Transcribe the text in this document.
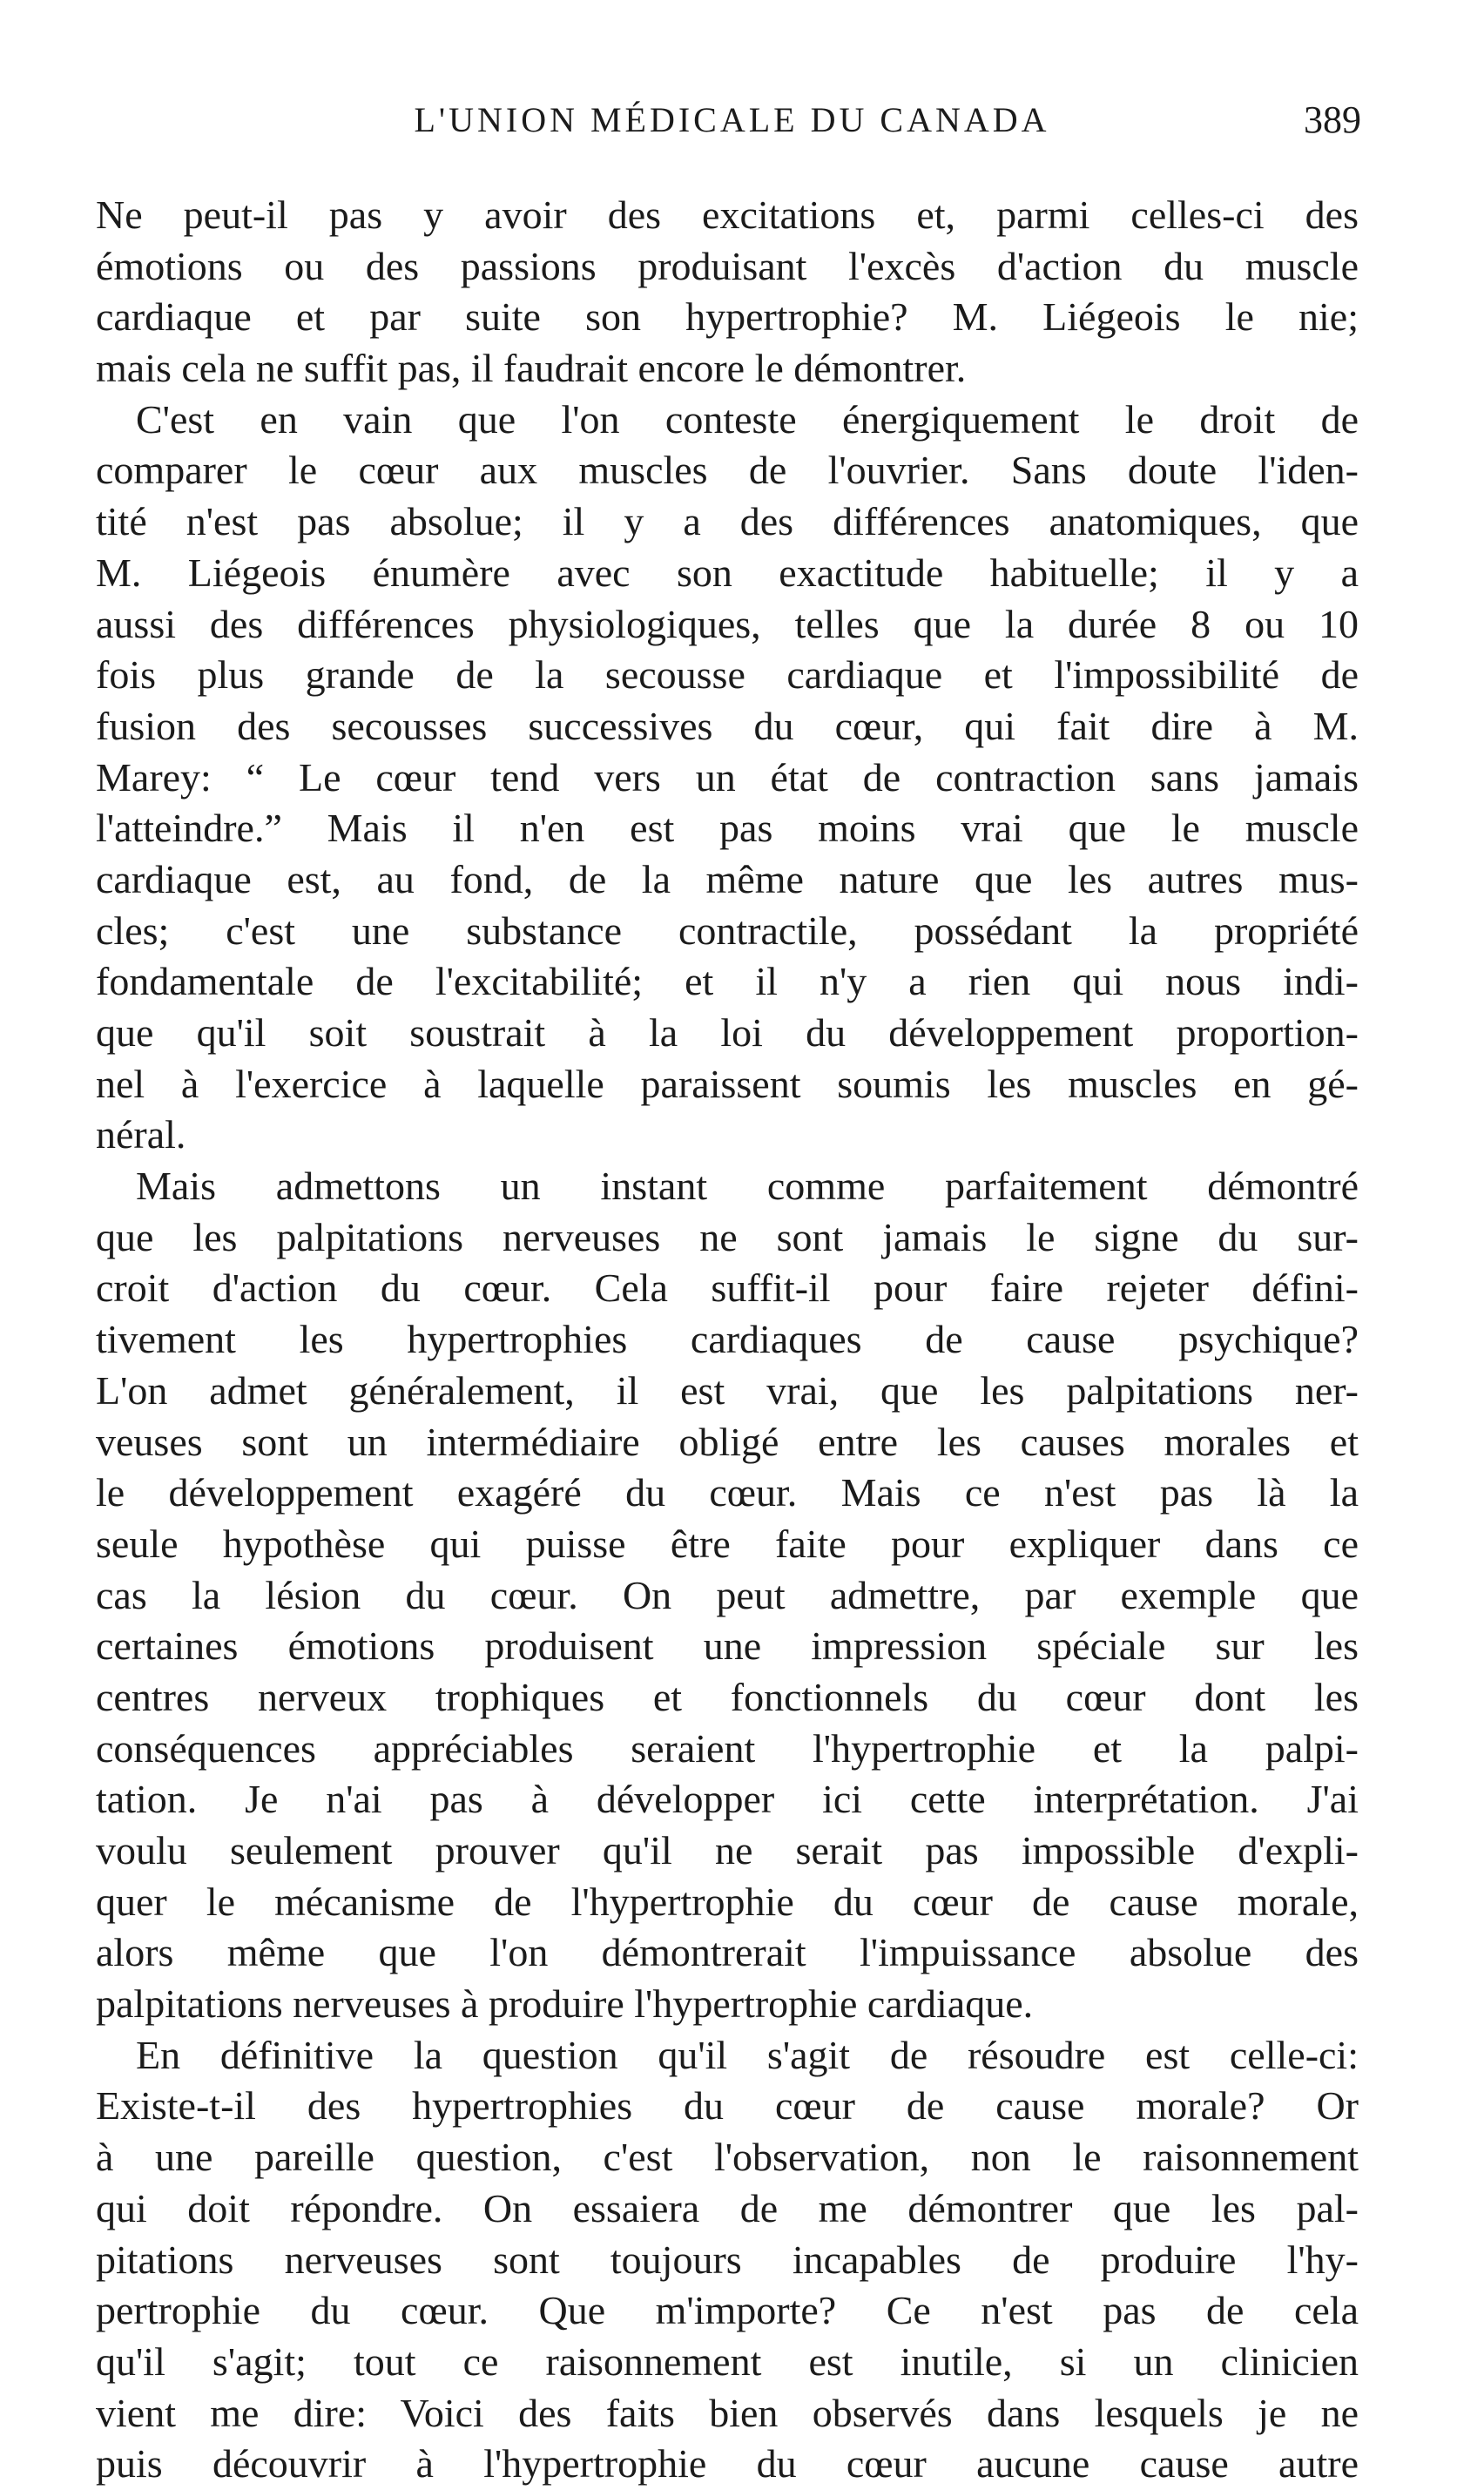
L'UNION MÉDICALE DU CANADA	389
Ne peut-il pas y avoir des excitations et, parmi celles-ci des
émotions ou des passions produisant l'excès d'action du muscle
cardiaque et par suite son hypertrophie? M. Liégeois le nie;
mais cela ne suffit pas, il faudrait encore le démontrer.
C'est en vain que l'on conteste énergiquement le droit de
comparer le cœur aux muscles de l'ouvrier. Sans doute l'iden-
tité n'est pas absolue; il y a des différences anatomiques, que
M. Liégeois énumère avec son exactitude habituelle; il y a
aussi des différences physiologiques, telles que la durée 8 ou 10
fois plus grande de la secousse cardiaque et l'impossibilité de
fusion des secousses successives du cœur, qui fait dire à M.
Marey: “ Le cœur tend vers un état de contraction sans jamais
l'atteindre.” Mais il n'en est pas moins vrai que le muscle
cardiaque est, au fond, de la même nature que les autres mus-
cles; c'est une substance contractile, possédant la propriété
fondamentale de l'excitabilité; et il n'y a rien qui nous indi-
que qu'il soit soustrait à la loi du développement proportion-
nel à l'exercice à laquelle paraissent soumis les muscles en gé-
néral.
Mais admettons un instant comme parfaitement démontré
que les palpitations nerveuses ne sont jamais le signe du sur-
croit d'action du cœur. Cela suffit-il pour faire rejeter défini-
tivement les hypertrophies cardiaques de cause psychique?
L'on admet généralement, il est vrai, que les palpitations ner-
veuses sont un intermédiaire obligé entre les causes morales et
le développement exagéré du cœur. Mais ce n'est pas là la
seule hypothèse qui puisse être faite pour expliquer dans ce
cas la lésion du cœur. On peut admettre, par exemple que
certaines émotions produisent une impression spéciale sur les
centres nerveux trophiques et fonctionnels du cœur dont les
conséquences appréciables seraient l'hypertrophie et la palpi-
tation. Je n'ai pas à développer ici cette interprétation. J'ai
voulu seulement prouver qu'il ne serait pas impossible d'expli-
quer le mécanisme de l'hypertrophie du cœur de cause morale,
alors même que l'on démontrerait l'impuissance absolue des
palpitations nerveuses à produire l'hypertrophie cardiaque.
En définitive la question qu'il s'agit de résoudre est celle-ci:
Existe-t-il des hypertrophies du cœur de cause morale? Or
à une pareille question, c'est l'observation, non le raisonnement
qui doit répondre. On essaiera de me démontrer que les pal-
pitations nerveuses sont toujours incapables de produire l'hy-
pertrophie du cœur. Que m'importe? Ce n'est pas de cela
qu'il s'agit; tout ce raisonnement est inutile, si un clinicien
vient me dire: Voici des faits bien observés dans lesquels je ne
puis découvrir à l'hypertrophie du cœur aucune cause autre
